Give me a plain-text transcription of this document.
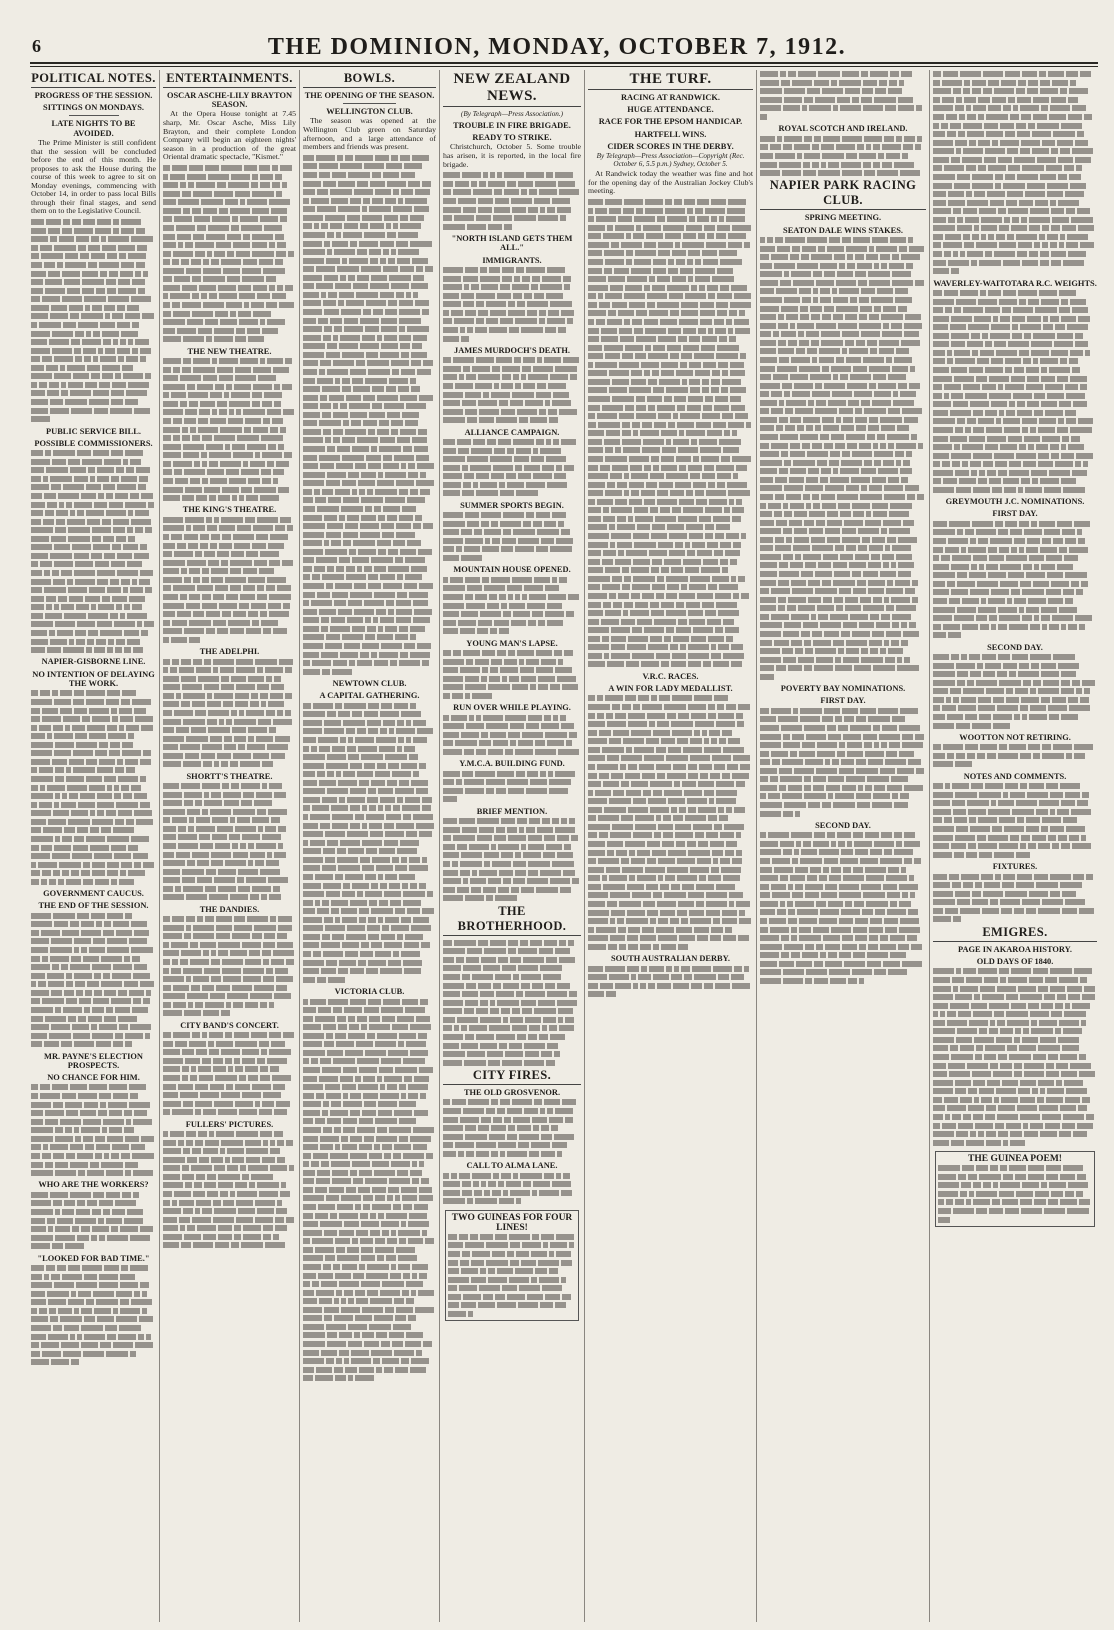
6	THE DOMINION, MONDAY, OCTOBER 7, 1912.
POLITICAL NOTES.
PROGRESS OF THE SESSION.
SITTINGS ON MONDAYS.
LATE NIGHTS TO BE AVOIDED.

The Prime Minister is still confident that the session will be concluded before the end of this month. He proposes to ask the House during the course of this week to agree to sit on Monday evenings, commencing with October 14, in order to pass local Bills through their final stages, and send them on to the Legislative Council.

PUBLIC SERVICE BILL.
POSSIBLE COMMISSIONERS.
NAPIER-GISBORNE LINE.
NO INTENTION OF DELAYING THE WORK.
GOVERNMENT CAUCUS.
THE END OF THE SESSION.
MR. PAYNE'S ELECTION PROSPECTS.
NO CHANCE FOR HIM.
WHO ARE THE WORKERS?
"LOOKED FOR BAD TIME."
ENTERTAINMENTS.
OSCAR ASCHE-LILY BRAYTON SEASON.

At the Opera House tonight at 7.45 sharp, Mr. Oscar Asche, Miss Lily Brayton, and their complete London Company will begin an eighteen nights' season in a production of the great Oriental dramatic spectacle, "Kismet."

THE NEW THEATRE.
THE KING'S THEATRE.
THE ADELPHI.
SHORTT'S THEATRE.
THE DANDIES.
CITY BAND'S CONCERT.
FULLERS' PICTURES.
BOWLS.
THE OPENING OF THE SEASON.
WELLINGTON CLUB.

The season was opened at the Wellington Club green on Saturday afternoon, and a large attendance of members and friends was present.

NEWTOWN CLUB.
A CAPITAL GATHERING.
VICTORIA CLUB.
NEW ZEALAND NEWS.
(By Telegraph—Press Association.)
TROUBLE IN FIRE BRIGADE.
READY TO STRIKE.

Christchurch, October 5. Some trouble has arisen, it is reported, in the local fire brigade.

"NORTH ISLAND GETS THEM ALL."
IMMIGRANTS.
JAMES MURDOCH'S DEATH.
ALLIANCE CAMPAIGN.
SUMMER SPORTS BEGIN.
MOUNTAIN HOUSE OPENED.
YOUNG MAN'S LAPSE.
RUN OVER WHILE PLAYING.
Y.M.C.A. BUILDING FUND.
BRIEF MENTION.
THE BROTHERHOOD.
CITY FIRES.
THE OLD GROSVENOR.
CALL TO ALMA LANE.
TWO GUINEAS FOR FOUR LINES!
THE TURF.
RACING AT RANDWICK.
HUGE ATTENDANCE.
RACE FOR THE EPSOM HANDICAP.
HARTFELL WINS.
CIDER SCORES IN THE DERBY.
By Telegraph—Press Association—Copyright (Rec. October 6, 5.5 p.m.) Sydney, October 5.

At Randwick today the weather was fine and hot for the opening day of the Australian Jockey Club's meeting.

V.R.C. RACES.
A WIN FOR LADY MEDALLIST.
SOUTH AUSTRALIAN DERBY.
ROYAL SCOTCH AND IRELAND.
NAPIER PARK RACING CLUB.
SPRING MEETING.
SEATON DALE WINS STAKES.
POVERTY BAY NOMINATIONS.
FIRST DAY.
SECOND DAY.
WAVERLEY-WAITOTARA R.C. WEIGHTS.
GREYMOUTH J.C. NOMINATIONS.
FIRST DAY.
SECOND DAY.
WOOTTON NOT RETIRING.
NOTES AND COMMENTS.
FIXTURES.
EMIGRES.
PAGE IN AKAROA HISTORY.
OLD DAYS OF 1840.
THE GUINEA POEM!
